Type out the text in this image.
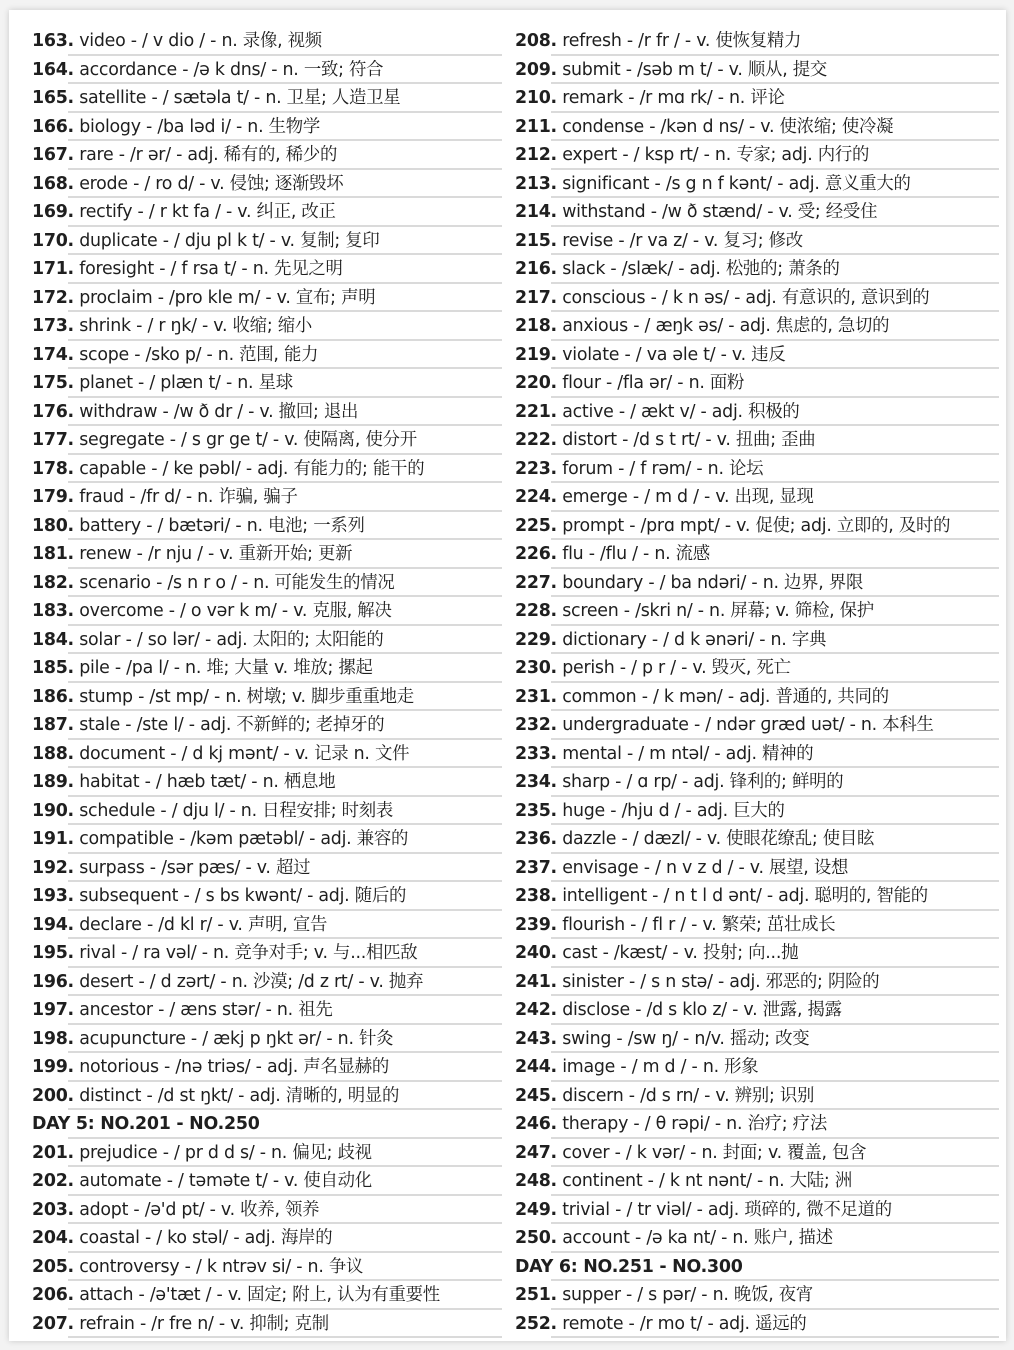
163. video - / v dio / - n. 录像, 视频
164. accordance - /ə k dns/ - n. 一致; 符合
165. satellite - / sætəla t/ - n. 卫星; 人造卫星
166. biology - /ba ləd i/ - n. 生物学
167. rare - /r ər/ - adj. 稀有的, 稀少的
168. erode - / ro d/ - v. 侵蚀; 逐渐毁坏
169. rectify - / r kt fa / - v. 纠正, 改正
170. duplicate - / dju pl k t/ - v. 复制; 复印
171. foresight - / f rsa t/ - n. 先见之明
172. proclaim - /pro kle m/ - v. 宣布; 声明
173. shrink - / r ŋk/ - v. 收缩; 缩小
174. scope - /sko p/ - n. 范围, 能力
175. planet - / plæn t/ - n. 星球
176. withdraw - /w ð dr / - v. 撤回; 退出
177. segregate - / s gr ge t/ - v. 使隔离, 使分开
178. capable - / ke pəbl/ - adj. 有能力的; 能干的
179. fraud - /fr d/ - n. 诈骗, 骗子
180. battery - / bætəri/ - n. 电池; 一系列
181. renew - /r nju / - v. 重新开始; 更新
182. scenario - /s n r o / - n. 可能发生的情况
183. overcome - / o vər k m/ - v. 克服, 解决
184. solar - / so lər/ - adj. 太阳的; 太阳能的
185. pile - /pa l/ - n. 堆; 大量 v. 堆放; 摞起
186. stump - /st mp/ - n. 树墩; v. 脚步重重地走
187. stale - /ste l/ - adj. 不新鲜的; 老掉牙的
188. document - / d kj mənt/ - v. 记录 n. 文件
189. habitat - / hæb tæt/ - n. 栖息地
190. schedule - / dju l/ - n. 日程安排; 时刻表
191. compatible - /kəm pætəbl/ - adj. 兼容的
192. surpass - /sər pæs/ - v. 超过
193. subsequent - / s bs kwənt/ - adj. 随后的
194. declare - /d kl r/ - v. 声明, 宣告
195. rival - / ra vəl/ - n. 竞争对手; v. 与...相匹敌
196. desert - / d zərt/ - n. 沙漠; /d z rt/ - v. 抛弃
197. ancestor - / æns stər/ - n. 祖先
198. acupuncture - / ækj p ŋkt ər/ - n. 针灸
199. notorious - /nə triəs/ - adj. 声名显赫的
200. distinct - /d st ŋkt/ - adj. 清晰的, 明显的
DAY 5: NO.201 - NO.250
201. prejudice - / pr d d s/ - n. 偏见; 歧视
202. automate - / təməte t/ - v. 使自动化
203. adopt - /ə'd pt/ - v. 收养, 领养
204. coastal - / ko stəl/ - adj. 海岸的
205. controversy - / k ntrəv si/ - n. 争议
206. attach - /ə'tæt / - v. 固定; 附上, 认为有重要性
207. refrain - /r fre n/ - v. 抑制; 克制
208. refresh - /r fr / - v. 使恢复精力
209. submit - /səb m t/ - v. 顺从, 提交
210. remark - /r mɑ rk/ - n. 评论
211. condense - /kən d ns/ - v. 使浓缩; 使冷凝
212. expert - / ksp rt/ - n. 专家; adj. 内行的
213. significant - /s g n f kənt/ - adj. 意义重大的
214. withstand - /w ð stænd/ - v. 受; 经受住
215. revise - /r va z/ - v. 复习; 修改
216. slack - /slæk/ - adj. 松弛的; 萧条的
217. conscious - / k n əs/ - adj. 有意识的, 意识到的
218. anxious - / æŋk əs/ - adj. 焦虑的, 急切的
219. violate - / va əle t/ - v. 违反
220. flour - /fla ər/ - n. 面粉
221. active - / ækt v/ - adj. 积极的
222. distort - /d s t rt/ - v. 扭曲; 歪曲
223. forum - / f rəm/ - n. 论坛
224. emerge - / m d / - v. 出现, 显现
225. prompt - /prɑ mpt/ - v. 促使; adj. 立即的, 及时的
226. flu - /flu / - n. 流感
227. boundary - / ba ndəri/ - n. 边界, 界限
228. screen - /skri n/ - n. 屏幕; v. 筛检, 保护
229. dictionary - / d k ənəri/ - n. 字典
230. perish - / p r / - v. 毁灭, 死亡
231. common - / k mən/ - adj. 普通的, 共同的
232. undergraduate - / ndər ɡræd uət/ - n. 本科生
233. mental - / m ntəl/ - adj. 精神的
234. sharp - / ɑ rp/ - adj. 锋利的; 鲜明的
235. huge - /hju d / - adj. 巨大的
236. dazzle - / dæzl/ - v. 使眼花缭乱; 使目眩
237. envisage - / n v z d / - v. 展望, 设想
238. intelligent - / n t l d ənt/ - adj. 聪明的, 智能的
239. flourish - / fl r / - v. 繁荣; 茁壮成长
240. cast - /kæst/ - v. 投射; 向...抛
241. sinister - / s n stə/ - adj. 邪恶的; 阴险的
242. disclose - /d s klo z/ - v. 泄露, 揭露
243. swing - /sw ŋ/ - n/v. 摇动; 改变
244. image - / m d / - n. 形象
245. discern - /d s rn/ - v. 辨别; 识别
246. therapy - / θ rəpi/ - n. 治疗; 疗法
247. cover - / k vər/ - n. 封面; v. 覆盖, 包含
248. continent - / k nt nənt/ - n. 大陆; 洲
249. trivial - / tr viəl/ - adj. 琐碎的, 微不足道的
250. account - /ə ka nt/ - n. 账户, 描述
DAY 6: NO.251 - NO.300
251. supper - / s pər/ - n. 晚饭, 夜宵
252. remote - /r mo t/ - adj. 遥远的
